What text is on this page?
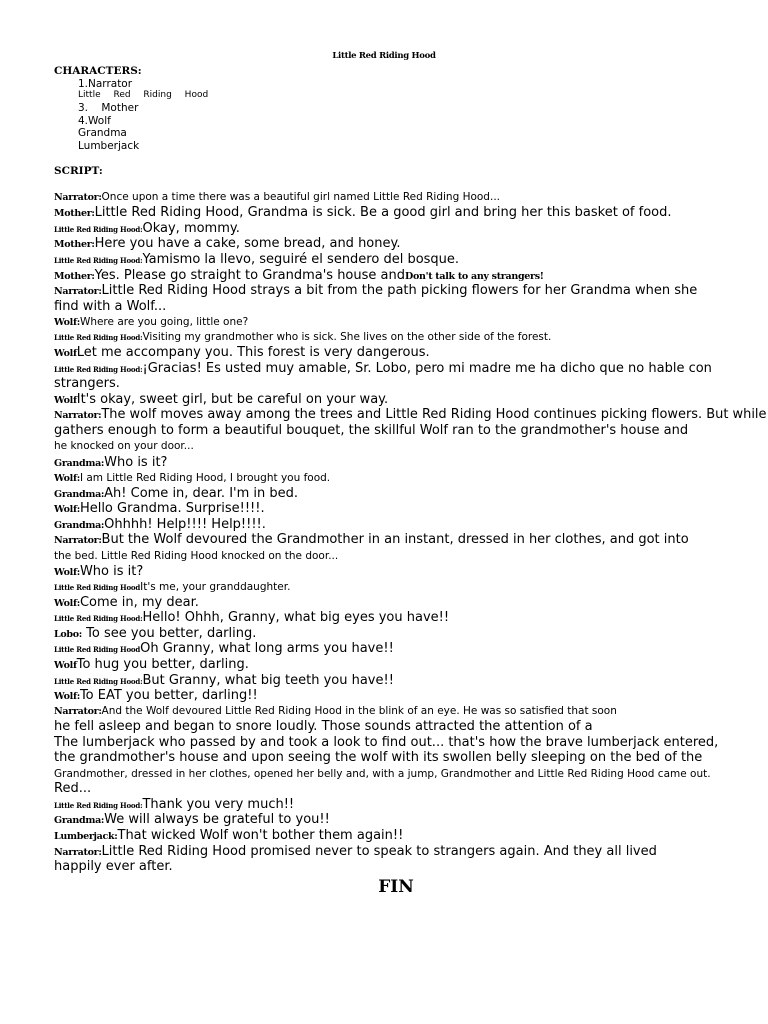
Little Red Riding Hood
CHARACTERS:
1.Narrator
Little Red Riding Hood
3.    Mother
4.Wolf
Grandma
Lumberjack
SCRIPT:
Narrator:Once upon a time there was a beautiful girl named Little Red Riding Hood...
Mother:Little Red Riding Hood, Grandma is sick. Be a good girl and bring her this basket of food.
Little Red Riding Hood:Okay, mommy.
Mother:Here you have a cake, some bread, and honey.
Little Red Riding Hood:Yamismo la llevo, seguiré el sendero del bosque.
Mother:Yes. Please go straight to Grandma's house andDon't talk to any strangers!
Narrator:Little Red Riding Hood strays a bit from the path picking flowers for her Grandma when she
find with a Wolf...
Wolf:Where are you going, little one?
Little Red Riding Hood:Visiting my grandmother who is sick. She lives on the other side of the forest.
WolfLet me accompany you. This forest is very dangerous.
Little Red Riding Hood:¡Gracias! Es usted muy amable, Sr. Lobo, pero mi madre me ha dicho que no hable con
strangers.
WolfIt's okay, sweet girl, but be careful on your way.
Narrator:The wolf moves away among the trees and Little Red Riding Hood continues picking flowers. But while
gathers enough to form a beautiful bouquet, the skillful Wolf ran to the grandmother's house and
he knocked on your door...
Grandma:Who is it?
Wolf:I am Little Red Riding Hood, I brought you food.
Grandma:Ah! Come in, dear. I'm in bed.
Wolf:Hello Grandma. Surprise!!!!.
Grandma:Ohhhh! Help!!!! Help!!!!.
Narrator:But the Wolf devoured the Grandmother in an instant, dressed in her clothes, and got into
the bed. Little Red Riding Hood knocked on the door...
Wolf:Who is it?
Little Red Riding HoodIt's me, your granddaughter.
Wolf:Come in, my dear.
Little Red Riding Hood:Hello! Ohhh, Granny, what big eyes you have!!
Lobo: To see you better, darling.
Little Red Riding HoodOh Granny, what long arms you have!!
WolfTo hug you better, darling.
Little Red Riding Hood:But Granny, what big teeth you have!!
Wolf:To EAT you better, darling!!
Narrator:And the Wolf devoured Little Red Riding Hood in the blink of an eye. He was so satisfied that soon
he fell asleep and began to snore loudly. Those sounds attracted the attention of a
The lumberjack who passed by and took a look to find out... that's how the brave lumberjack entered,
the grandmother's house and upon seeing the wolf with its swollen belly sleeping on the bed of the
Grandmother, dressed in her clothes, opened her belly and, with a jump, Grandmother and Little Red Riding Hood came out.
Red...
Little Red Riding Hood:Thank you very much!!
Grandma:We will always be grateful to you!!
Lumberjack:That wicked Wolf won't bother them again!!
Narrator:Little Red Riding Hood promised never to speak to strangers again. And they all lived
happily ever after.
FIN
